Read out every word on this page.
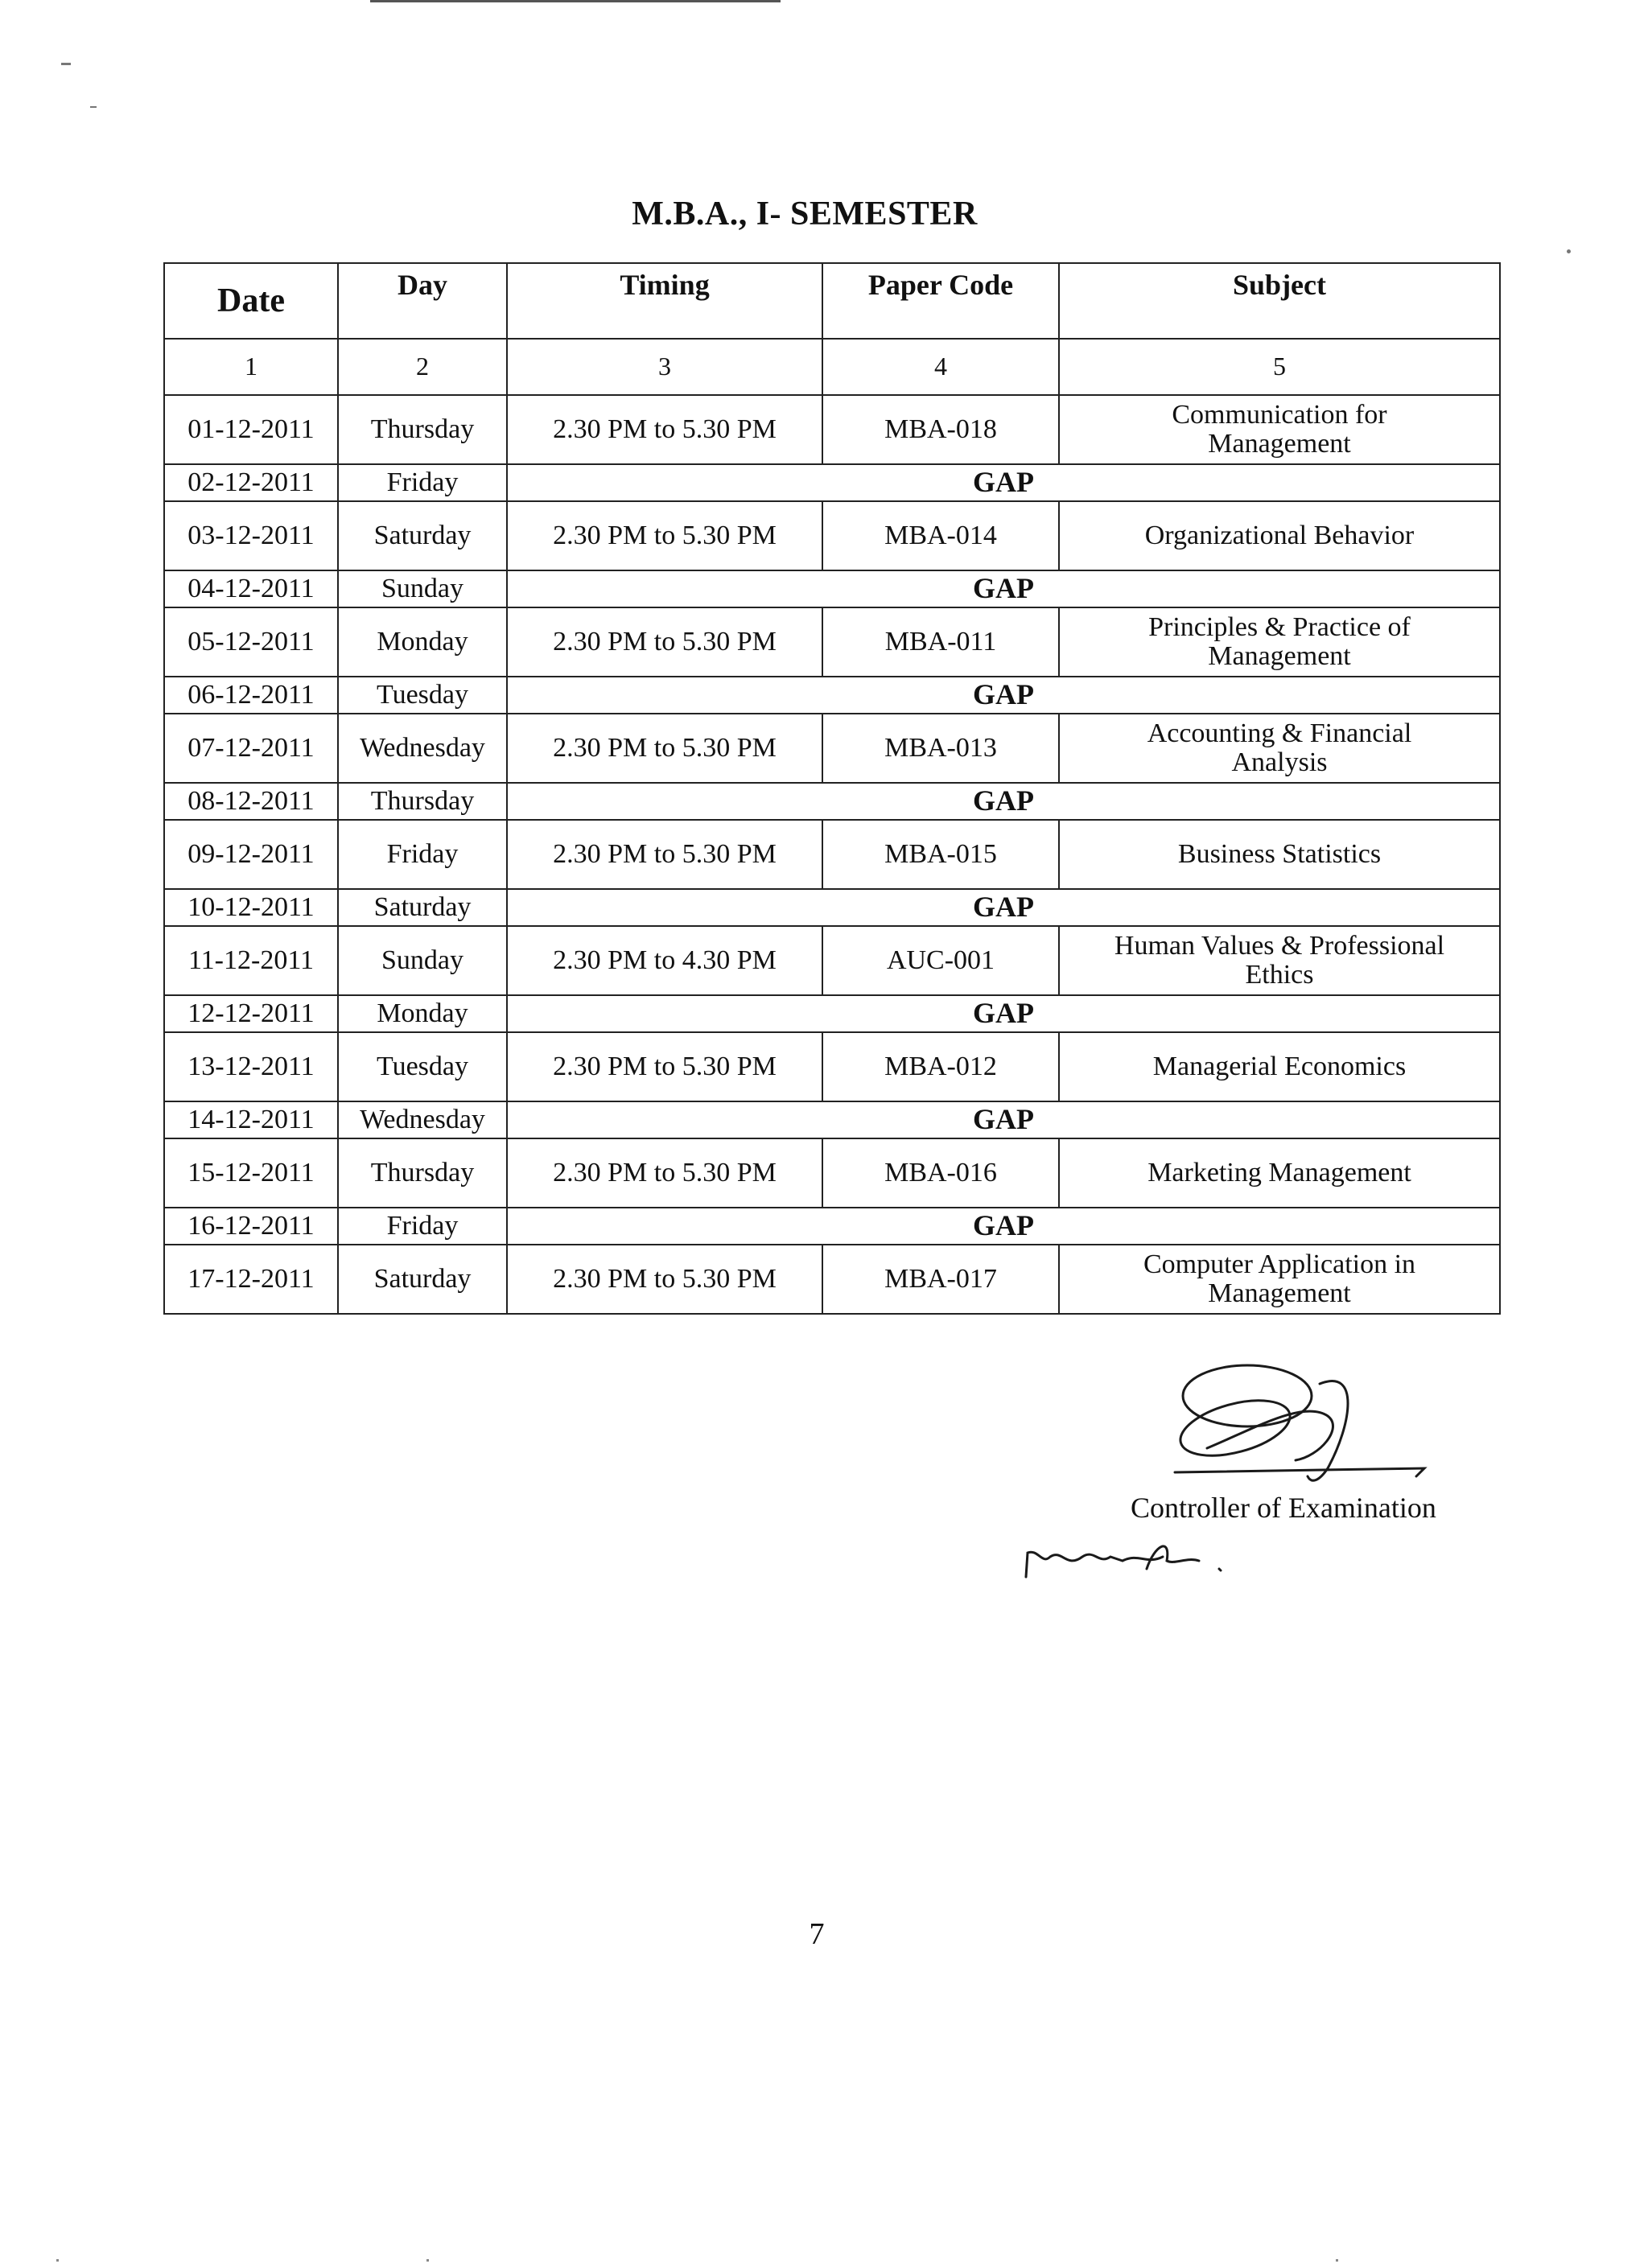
M.B.A., I- SEMESTER
Date	Day	Timing	Paper Code	Subject
1	2	3	4	5
01-12-2011	Thursday	2.30 PM to 5.30 PM	MBA-018	Communication for
Management

02-12-2011	Friday	GAP		
03-12-2011	Saturday	2.30 PM to 5.30 PM	MBA-014	Organizational Behavior

04-12-2011	Sunday	GAP		
05-12-2011	Monday	2.30 PM to 5.30 PM	MBA-011	Principles & Practice of
Management

06-12-2011	Tuesday	GAP		
07-12-2011	Wednesday	2.30 PM to 5.30 PM	MBA-013	Accounting & Financial
Analysis

08-12-2011	Thursday	GAP		
09-12-2011	Friday	2.30 PM to 5.30 PM	MBA-015	Business Statistics

10-12-2011	Saturday	GAP		
11-12-2011	Sunday	2.30 PM to 4.30 PM	AUC-001	Human Values & Professional
Ethics

12-12-2011	Monday	GAP		
13-12-2011	Tuesday	2.30 PM to 5.30 PM	MBA-012	Managerial Economics

14-12-2011	Wednesday	GAP		
15-12-2011	Thursday	2.30 PM to 5.30 PM	MBA-016	Marketing Management

16-12-2011	Friday	GAP		
17-12-2011	Saturday	2.30 PM to 5.30 PM	MBA-017	Computer Application in
Management
Controller of Examination
7
